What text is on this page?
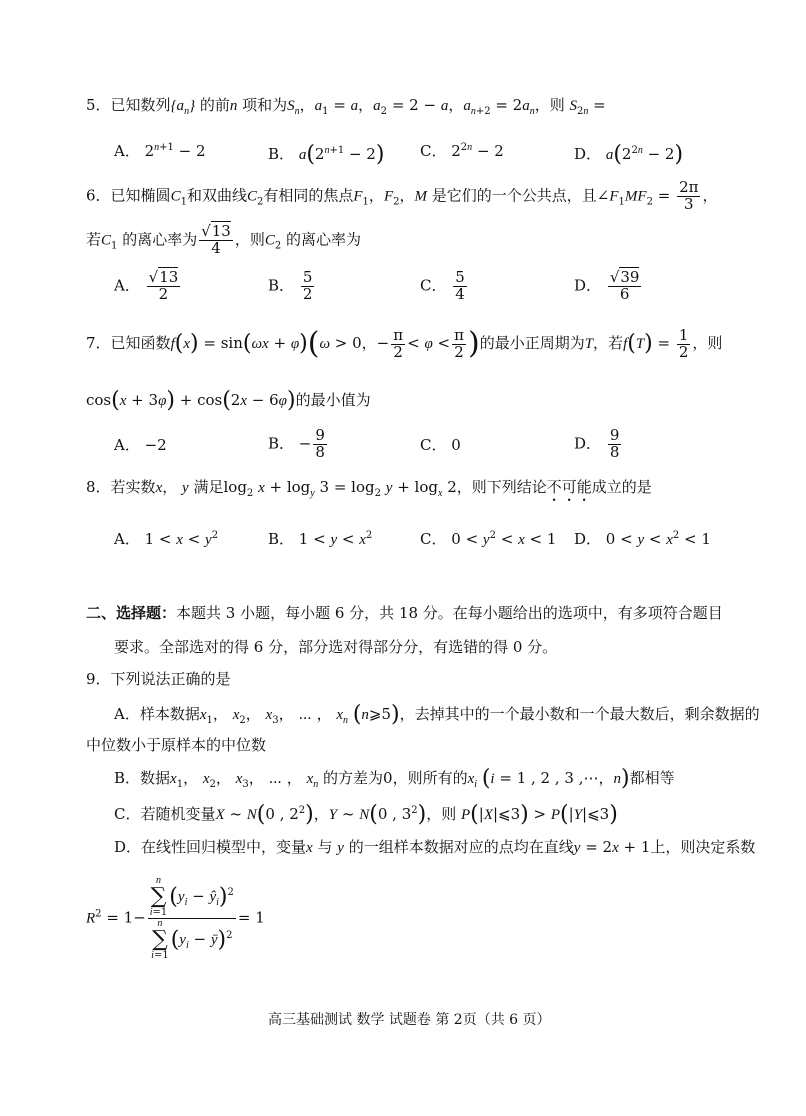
5．已知数列$\{a_n\}$ 的前n 项和为$S_n$，$a_1 = a$，$a_2 = 2 - a$，$a_{n+2} = 2a_n$，则 $S_{2n}$ =
A． $2^{n+1} - 2$	B． $a(2^{n+1} - 2)$ C． $2^{2n} - 2$	D． $a(2^{2n} - 2)$
6．已知椭圆$C_1$和双曲线$C_2$有相同的焦点$F_1$，$F_2$，M 是它们的一个公共点，且$\angle F_1MF_2 = \frac{2\pi}{3}$ ，
若$C_1$ 的离心率为 $\frac{√13}{4}$ ，则$C_2$ 的离心率为
A． $\frac{√13}{2}$	B． $\frac{5}{2}$	C． $\frac{5}{4}$	D． $\frac{√39}{6}$
7．已知函数f(x) = sin(ωx + φ)(ω > 0，− $\frac{\pi}{2} < \varphi < \frac{\pi}{2}$ )的最小正周期为T，若$f(T) = \frac{1}{2}$ ，则
cos(x + 3φ) + cos(2x − 6φ)的最小值为
A． −2	B． − $\frac{9}{8}$	C． 0	D． $\frac{9}{8}$
8．若实数x， y 满足$\log_2 x + \log_y 3 = \log_2 y + \log_x 2$，则下列结论不可能成立的是
A． $1 < x < y^2$	B． $1 < y < x^2$	C． $0 < y^2 < x < 1$ D． $0 < y < x^2 < 1$
二、选择题：本题共 3 小题，每小题 6 分，共 18 分。在每小题给出的选项中，有多项符合题目
要求。全部选对的得 6 分，部分选对得部分分，有选错的得 0 分。
9．下列说法正确的是
A．样本数据$x_1$， $x_2$， $x_3$， ⋯ ， $x_n$ (n⩾5)，去掉其中的一个最小数和一个最大数后，剩余数据的
中位数小于原样本的中位数
B．数据$x_1$， $x_2$， $x_3$， ⋯ ， $x_n$ 的方差为0，则所有的$x_i$ (i = 1 , 2 , 3 ,⋯，n)都相等
C．若随机变量X ~ N(0 , $2^2$)，Y ~ N(0 , $3^2$)，则 P(|X|⩽3) > P(|Y|⩽3)
D．在线性回归模型中，变量x 与 y 的一组样本数据对应的点均在直线y = 2x + 1上，则决定系数
$R^2 = 1- n$
∑
i=1
($y_i$ − $ŷ_i)^2$
n
∑
i=1
($y_i$ − ȳ)$^2$ = 1
高三基础测试 数学 试题卷 第 2页（共 6 页）
